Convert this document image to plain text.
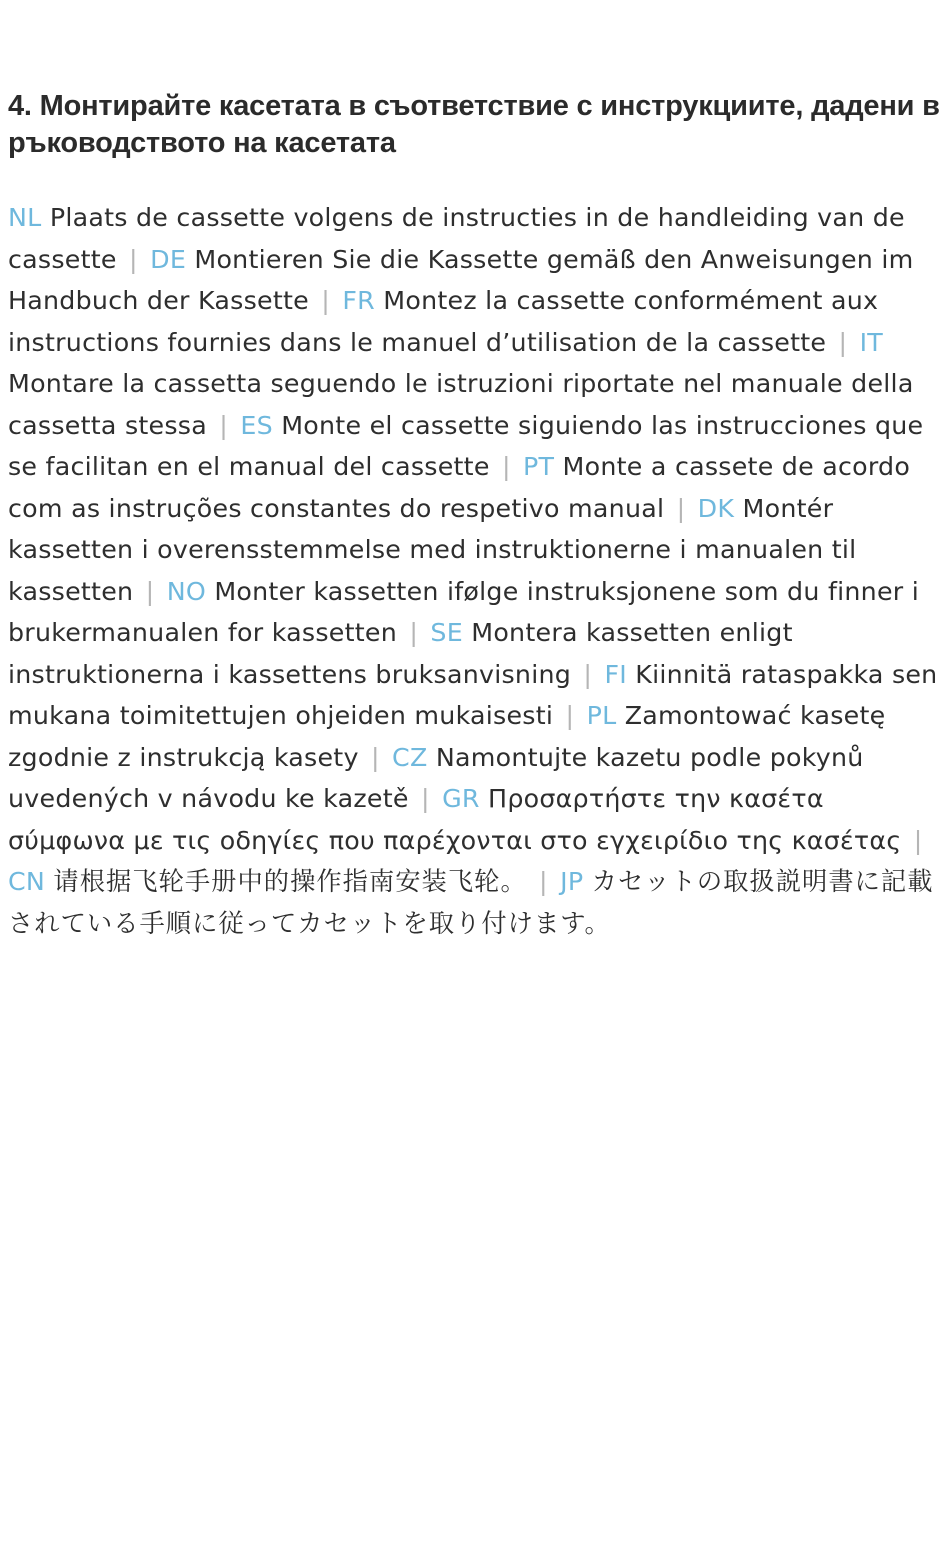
4. Монтирайте касетата в съответствие с инструкциите, дадени в ръководството на касетата

NL Plaats de cassette volgens de instructies in de handleiding van de cassette | DE Montieren Sie die Kassette gemäß den Anweisungen im Handbuch der Kassette | FR Montez la cassette conformément aux instructions fournies dans le manuel d’utilisation de la cassette | IT Montare la cassetta seguendo le istruzioni riportate nel manuale della cassetta stessa | ES Monte el cassette siguiendo las instrucciones que se facilitan en el manual del cassette | PT Monte a cassete de acordo com as instruções constantes do respetivo manual | DK Montér kassetten i overensstemmelse med instruktionerne i manualen til kassetten | NO Monter kassetten ifølge instruksjonene som du finner i brukermanualen for kassetten | SE Montera kassetten enligt instruktionerna i kassettens bruksanvisning | FI Kiinnitä rataspakka sen mukana toimitettujen ohjeiden mukaisesti | PL Zamontować kasetę zgodnie z instrukcją kasety | CZ Namontujte kazetu podle pokynů uvedených v návodu ke kazetě | GR Προσαρτήστε την κασέτα σύμφωνα με τις οδηγίες που παρέχονται στο εγχειρίδιο της κασέτας | CN 请根据飞轮手册中的操作指南安装飞轮。 | JP カセットの取扱説明書に記載されている手順に従ってカセットを取り付けます。
